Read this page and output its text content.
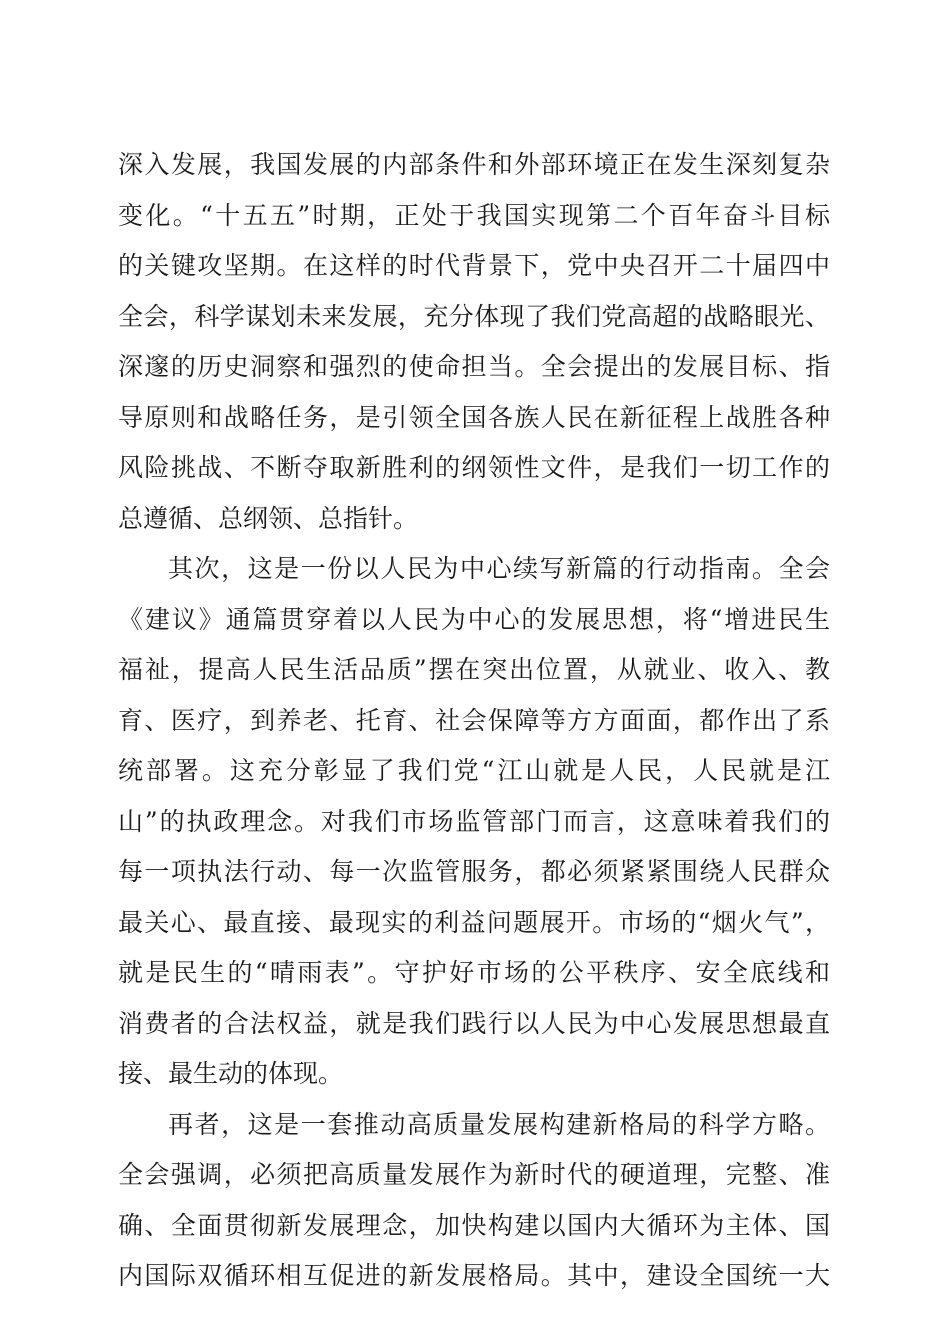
深入发展，我国发展的内部条件和外部环境正在发生深刻复杂
变化。“十五五”时期，正处于我国实现第二个百年奋斗目标
的关键攻坚期。在这样的时代背景下，党中央召开二十届四中
全会，科学谋划未来发展，充分体现了我们党高超的战略眼光、
深邃的历史洞察和强烈的使命担当。全会提出的发展目标、指
导原则和战略任务，是引领全国各族人民在新征程上战胜各种
风险挑战、不断夺取新胜利的纲领性文件，是我们一切工作的
总遵循、总纲领、总指针。
其次，这是一份以人民为中心续写新篇的行动指南。全会
《建议》通篇贯穿着以人民为中心的发展思想，将“增进民生
福祉，提高人民生活品质”摆在突出位置，从就业、收入、教
育、医疗，到养老、托育、社会保障等方方面面，都作出了系
统部署。这充分彰显了我们党“江山就是人民，人民就是江
山”的执政理念。对我们市场监管部门而言，这意味着我们的
每一项执法行动、每一次监管服务，都必须紧紧围绕人民群众
最关心、最直接、最现实的利益问题展开。市场的“烟火气”，
就是民生的“晴雨表”。守护好市场的公平秩序、安全底线和
消费者的合法权益，就是我们践行以人民为中心发展思想最直
接、最生动的体现。
再者，这是一套推动高质量发展构建新格局的科学方略。
全会强调，必须把高质量发展作为新时代的硬道理，完整、准
确、全面贯彻新发展理念，加快构建以国内大循环为主体、国
内国际双循环相互促进的新发展格局。其中，建设全国统一大
